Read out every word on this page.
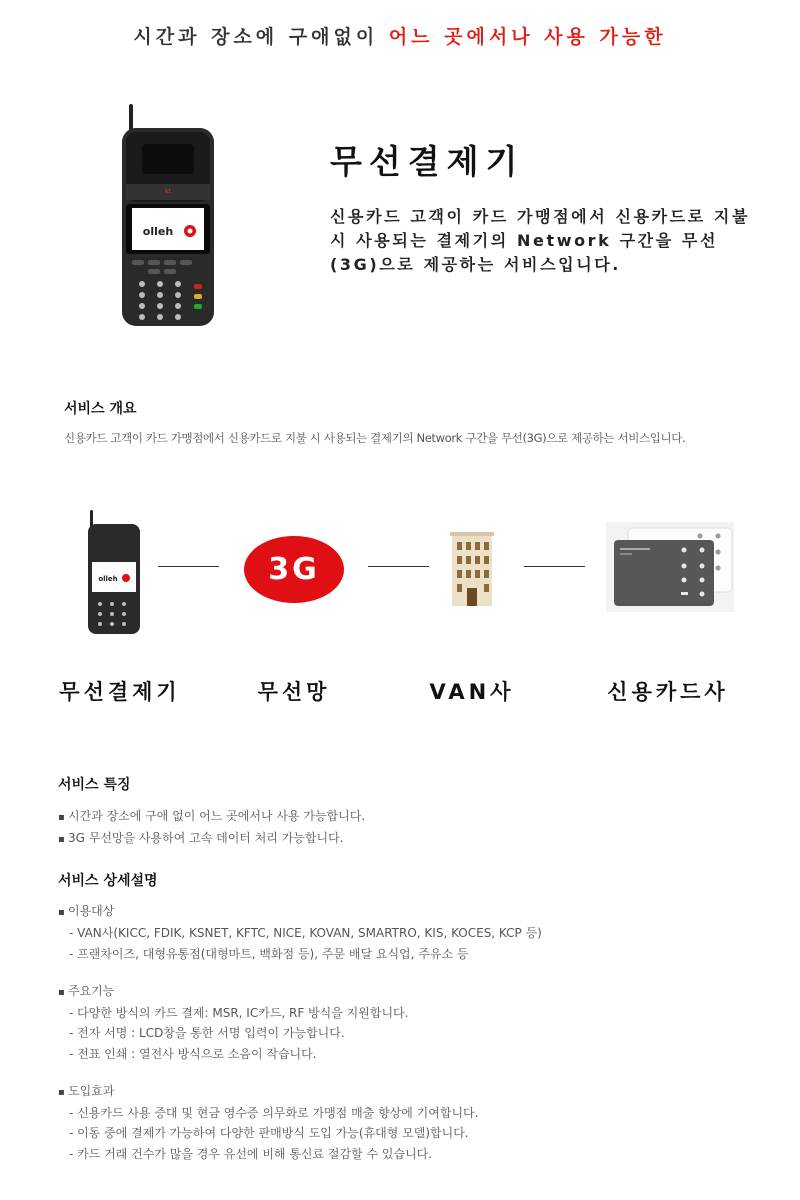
시간과 장소에 구애없이 어느 곳에서나 사용 가능한
kt
olleh
무선결제기
신용카드 고객이 카드 가맹점에서 신용카드로 지불 시 사용되는 결제기의 Network 구간을 무선(3G)으로 제공하는 서비스입니다.
서비스 개요
신용카드 고객이 카드 가맹점에서 신용카드로 지불 시 사용되는 결제기의 Network 구간을 무선(3G)으로 제공하는 서비스입니다.
olleh	3G
무선결제기	무선망	VAN사	신용카드사
서비스 특징
▪ 시간과 장소에 구애 없이 어느 곳에서나 사용 가능합니다.
▪ 3G 무선망을 사용하여 고속 데이터 처리 가능합니다.
서비스 상세설명
▪ 이용대상
- VAN사(KICC, FDIK, KSNET, KFTC, NICE, KOVAN, SMARTRO, KIS, KOCES, KCP 등)
- 프랜차이즈, 대형유통점(대형마트, 백화점 등), 주문 배달 요식업, 주유소 등
▪ 주요기능
- 다양한 방식의 카드 결제: MSR, IC카드, RF 방식을 지원합니다.
- 전자 서명 : LCD창을 통한 서명 입력이 가능합니다.
- 전표 인쇄 : 열전사 방식으로 소음이 작습니다.
▪ 도입효과
- 신용카드 사용 증대 및 현금 영수증 의무화로 가맹점 매출 향상에 기여합니다.
- 이동 중에 결제가 가능하여 다양한 판매방식 도입 가능(휴대형 모델)합니다.
- 카드 거래 건수가 많을 경우 유선에 비해 통신료 절감할 수 있습니다.
